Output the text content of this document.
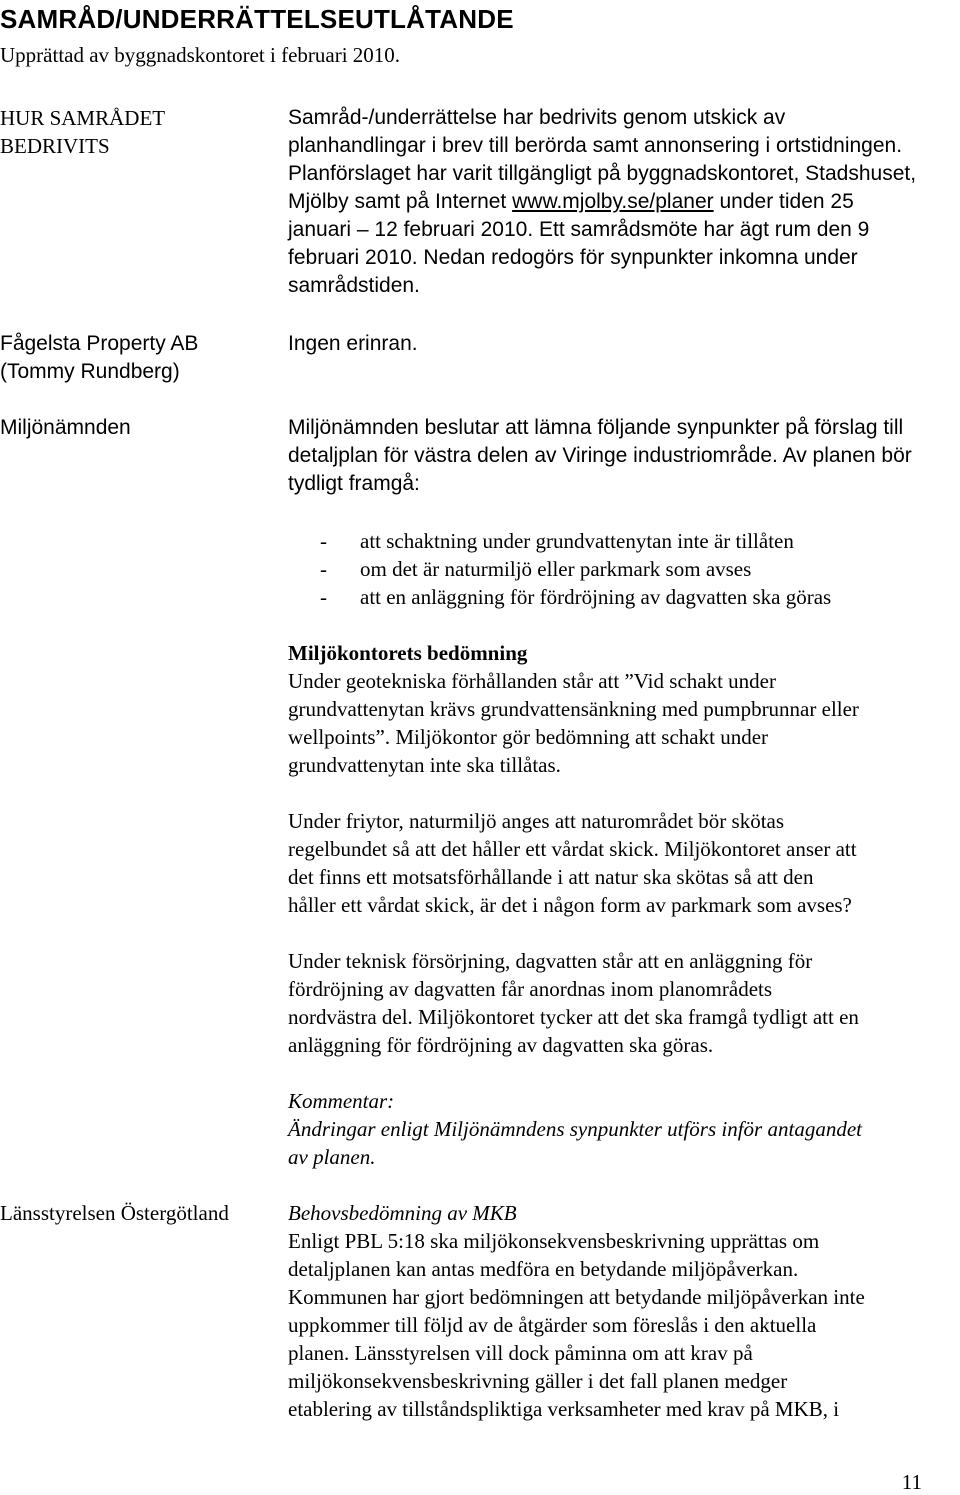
SAMRÅD/UNDERRÄTTELSEUTLÅTANDE
Upprättad av byggnadskontoret i februari 2010.
HUR SAMRÅDET
BEDRIVITS
Samråd-/underrättelse har bedrivits genom utskick av
planhandlingar i brev till berörda samt annonsering i ortstidningen.
Planförslaget har varit tillgängligt på byggnadskontoret, Stadshuset,
Mjölby samt på Internet www.mjolby.se/planer under tiden 25
januari – 12 februari 2010. Ett samrådsmöte har ägt rum den 9
februari 2010. Nedan redogörs för synpunkter inkomna under
samrådstiden.
Fågelsta Property AB
(Tommy Rundberg)
Ingen erinran.
Miljönämnden	Miljönämnden beslutar att lämna följande synpunkter på förslag till
detaljplan för västra delen av Viringe industriområde. Av planen bör
tydligt framgå:
- att schaktning under grundvattenytan inte är tillåten
- om det är naturmiljö eller parkmark som avses
- att en anläggning för fördröjning av dagvatten ska göras
Miljökontorets bedömning
Under geotekniska förhållanden står att ”Vid schakt under
grundvattenytan krävs grundvattensänkning med pumpbrunnar eller
wellpoints”. Miljökontor gör bedömning att schakt under
grundvattenytan inte ska tillåtas.
Under friytor, naturmiljö anges att naturområdet bör skötas
regelbundet så att det håller ett vårdat skick. Miljökontoret anser att
det finns ett motsatsförhållande i att natur ska skötas så att den
håller ett vårdat skick, är det i någon form av parkmark som avses?
Under teknisk försörjning, dagvatten står att en anläggning för
fördröjning av dagvatten får anordnas inom planområdets
nordvästra del. Miljökontoret tycker att det ska framgå tydligt att en
anläggning för fördröjning av dagvatten ska göras.
Kommentar:
Ändringar enligt Miljönämndens synpunkter utförs inför antagandet
av planen.
Länsstyrelsen Östergötland	Behovsbedömning av MKB
Enligt PBL 5:18 ska miljökonsekvensbeskrivning upprättas om
detaljplanen kan antas medföra en betydande miljöpåverkan.
Kommunen har gjort bedömningen att betydande miljöpåverkan inte
uppkommer till följd av de åtgärder som föreslås i den aktuella
planen. Länsstyrelsen vill dock påminna om att krav på
miljökonsekvensbeskrivning gäller i det fall planen medger
etablering av tillståndspliktiga verksamheter med krav på MKB, i
11
